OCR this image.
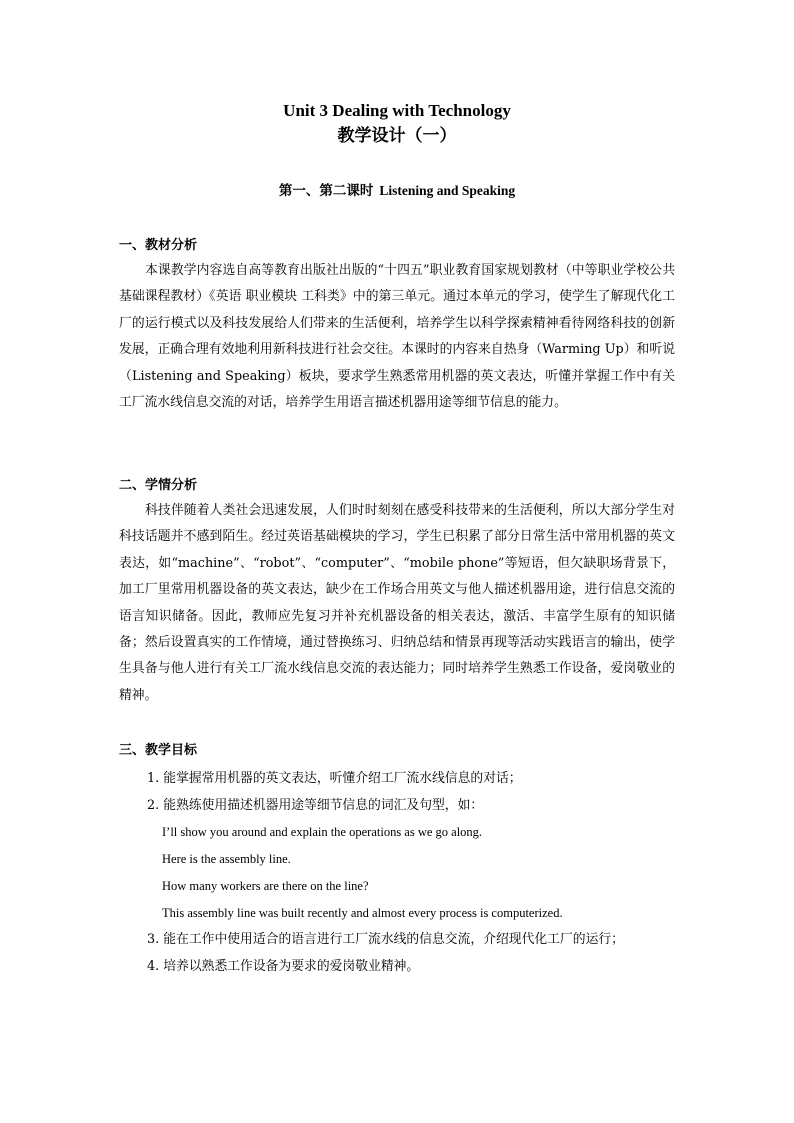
Unit 3 Dealing with Technology
教学设计（一）
第一、第二课时 Listening and Speaking
一、教材分析

本课教学内容选自高等教育出版社出版的“十四五”职业教育国家规划教材（中等职业学校公共基础课程教材）《英语 职业模块 工科类》中的第三单元。通过本单元的学习，使学生了解现代化工厂的运行模式以及科技发展给人们带来的生活便利，培养学生以科学探索精神看待网络科技的创新发展，正确合理有效地利用新科技进行社会交往。本课时的内容来自热身（Warming Up）和听说（Listening and Speaking）板块，要求学生熟悉常用机器的英文表达，听懂并掌握工作中有关工厂流水线信息交流的对话，培养学生用语言描述机器用途等细节信息的能力。

二、学情分析

科技伴随着人类社会迅速发展，人们时时刻刻在感受科技带来的生活便利，所以大部分学生对科技话题并不感到陌生。经过英语基础模块的学习，学生已积累了部分日常生活中常用机器的英文表达，如“machine”、“robot”、“computer”、“mobile phone”等短语，但欠缺职场背景下，加工厂里常用机器设备的英文表达，缺少在工作场合用英文与他人描述机器用途，进行信息交流的语言知识储备。因此，教师应先复习并补充机器设备的相关表达，激活、丰富学生原有的知识储备；然后设置真实的工作情境，通过替换练习、归纳总结和情景再现等活动实践语言的输出，使学生具备与他人进行有关工厂流水线信息交流的表达能力；同时培养学生熟悉工作设备，爱岗敬业的精神。

三、教学目标
1. 能掌握常用机器的英文表达，听懂介绍工厂流水线信息的对话；
2. 能熟练使用描述机器用途等细节信息的词汇及句型，如：
I’ll show you around and explain the operations as we go along.
Here is the assembly line.
How many workers are there on the line?
This assembly line was built recently and almost every process is computerized.
3. 能在工作中使用适合的语言进行工厂流水线的信息交流，介绍现代化工厂的运行；
4. 培养以熟悉工作设备为要求的爱岗敬业精神。
